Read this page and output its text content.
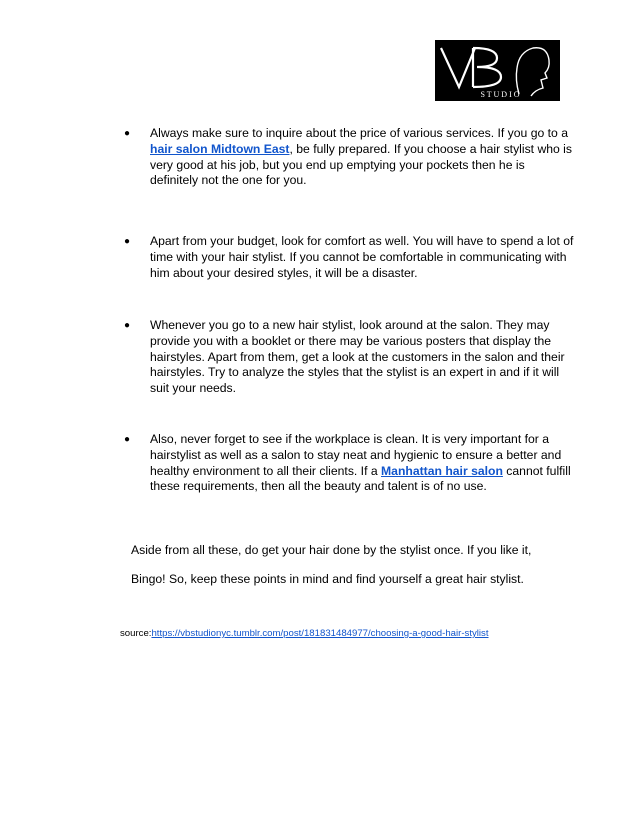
S T U D I O
●	Always make sure to inquire about the price of various services. If you go to a hair salon Midtown East, be fully prepared. If you choose a hair stylist who is very good at his job, but you end up emptying your pockets then he is definitely not the one for you.
●	Apart from your budget, look for comfort as well. You will have to spend a lot of time with your hair stylist. If you cannot be comfortable in communicating with him about your desired styles, it will be a disaster.
●	Whenever you go to a new hair stylist, look around at the salon. They may provide you with a booklet or there may be various posters that display the hairstyles. Apart from them, get a look at the customers in the salon and their hairstyles. Try to analyze the styles that the stylist is an expert in and if it will suit your needs.
●	Also, never forget to see if the workplace is clean. It is very important for a hairstylist as well as a salon to stay neat and hygienic to ensure a better and healthy environment to all their clients. If a Manhattan hair salon cannot fulfill these requirements, then all the beauty and talent is of no use.
Aside from all these, do get your hair done by the stylist once. If you like it,
Bingo! So, keep these points in mind and find yourself a great hair stylist.
source:https://vbstudionyc.tumblr.com/post/181831484977/choosing-a-good-hair-stylist
